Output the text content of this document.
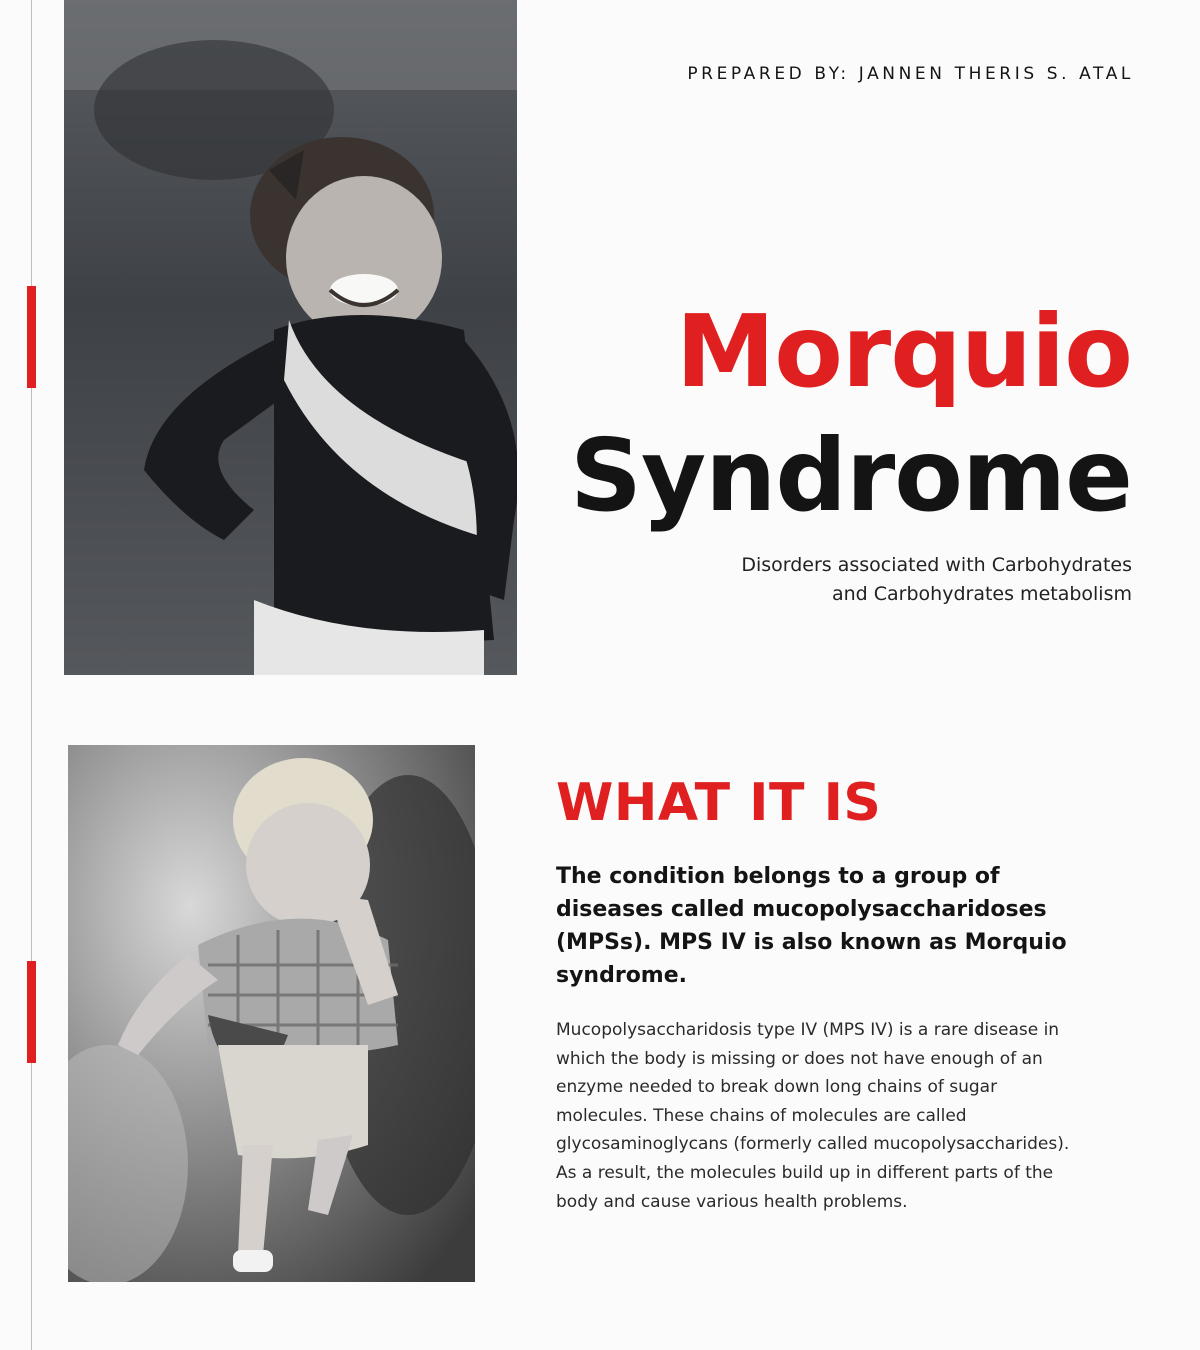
PREPARED BY: JANNEN THERIS S. ATAL
Morquio
Syndrome
Disorders associated with Carbohydrates
and Carbohydrates metabolism
WHAT IT IS

The condition belongs to a group of diseases called mucopolysaccharidoses (MPSs). MPS IV is also known as Morquio syndrome.

Mucopolysaccharidosis type IV (MPS IV) is a rare disease in which the body is missing or does not have enough of an enzyme needed to break down long chains of sugar molecules. These chains of molecules are called glycosaminoglycans (formerly called mucopolysaccharides). As a result, the molecules build up in different parts of the body and cause various health problems.
